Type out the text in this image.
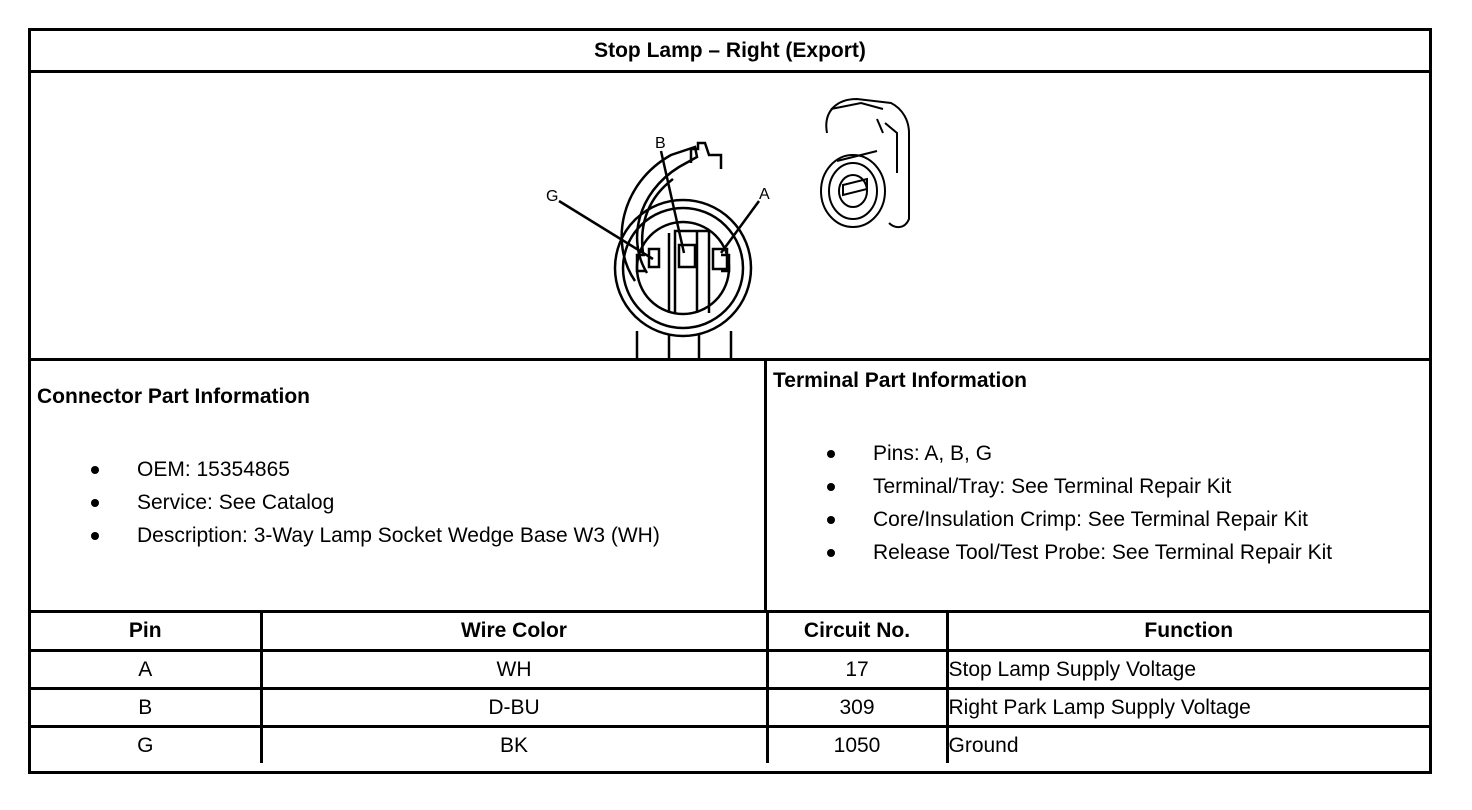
Stop Lamp – Right (Export)
G
B
A
Connector Part Information
OEM: 15354865
Service: See Catalog
Description: 3-Way Lamp Socket Wedge Base W3 (WH)
Terminal Part Information
Pins: A, B, G
Terminal/Tray: See Terminal Repair Kit
Core/Insulation Crimp: See Terminal Repair Kit
Release Tool/Test Probe: See Terminal Repair Kit
Pin	Wire Color	Circuit No.	Function
A	WH	17	Stop Lamp Supply Voltage
B	D-BU	309	Right Park Lamp Supply Voltage
G	BK	1050	Ground
